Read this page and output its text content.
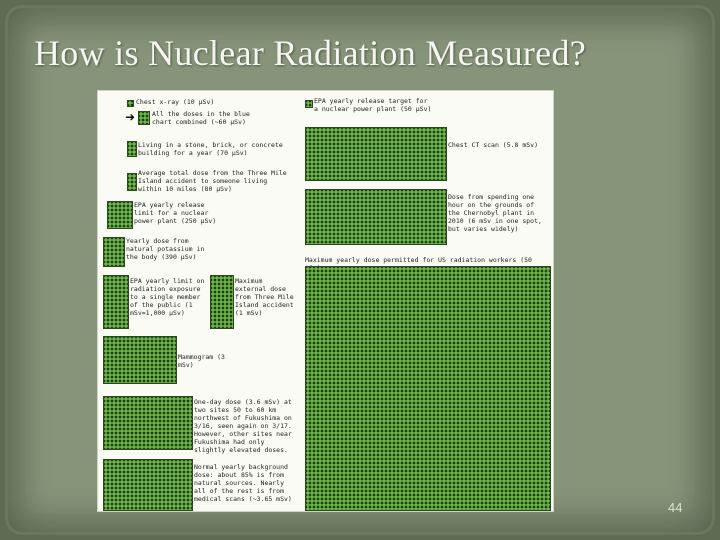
How is Nuclear Radiation Measured?
Chest x-ray (10 μSv)
➜	All the doses in the blue chart combined (~60 μSv)
Living in a stone, brick, or concrete building for a year (70 μSv)
Average total dose from the Three Mile Island accident to someone living within 10 miles (80 μSv)
EPA yearly release limit for a nuclear power plant (250 μSv)
Yearly dose from natural potassium in the body (390 μSv)
EPA yearly limit on radiation exposure to a single member of the public (1 mSv=1,000 μSv)
Maximum external dose from Three Mile Island accident (1 mSv)
Mammogram (3 mSv)
One-day dose (3.6 mSv) at two sites 50 to 60 km northwest of Fukushima on 3/16, seen again on 3/17. However, other sites near Fukushima had only slightly elevated doses.
Normal yearly background dose: about 85% is from natural sources. Nearly all of the rest is from medical scans (~3.65 mSv)
EPA yearly release target for a nuclear power plant (50 μSv)
Chest CT scan (5.8 mSv)
Dose from spending one hour on the grounds of the Chernobyl plant in 2010 (6 mSv in one spot, but varies widely)
Maximum yearly dose permitted for US radiation workers (50
44
